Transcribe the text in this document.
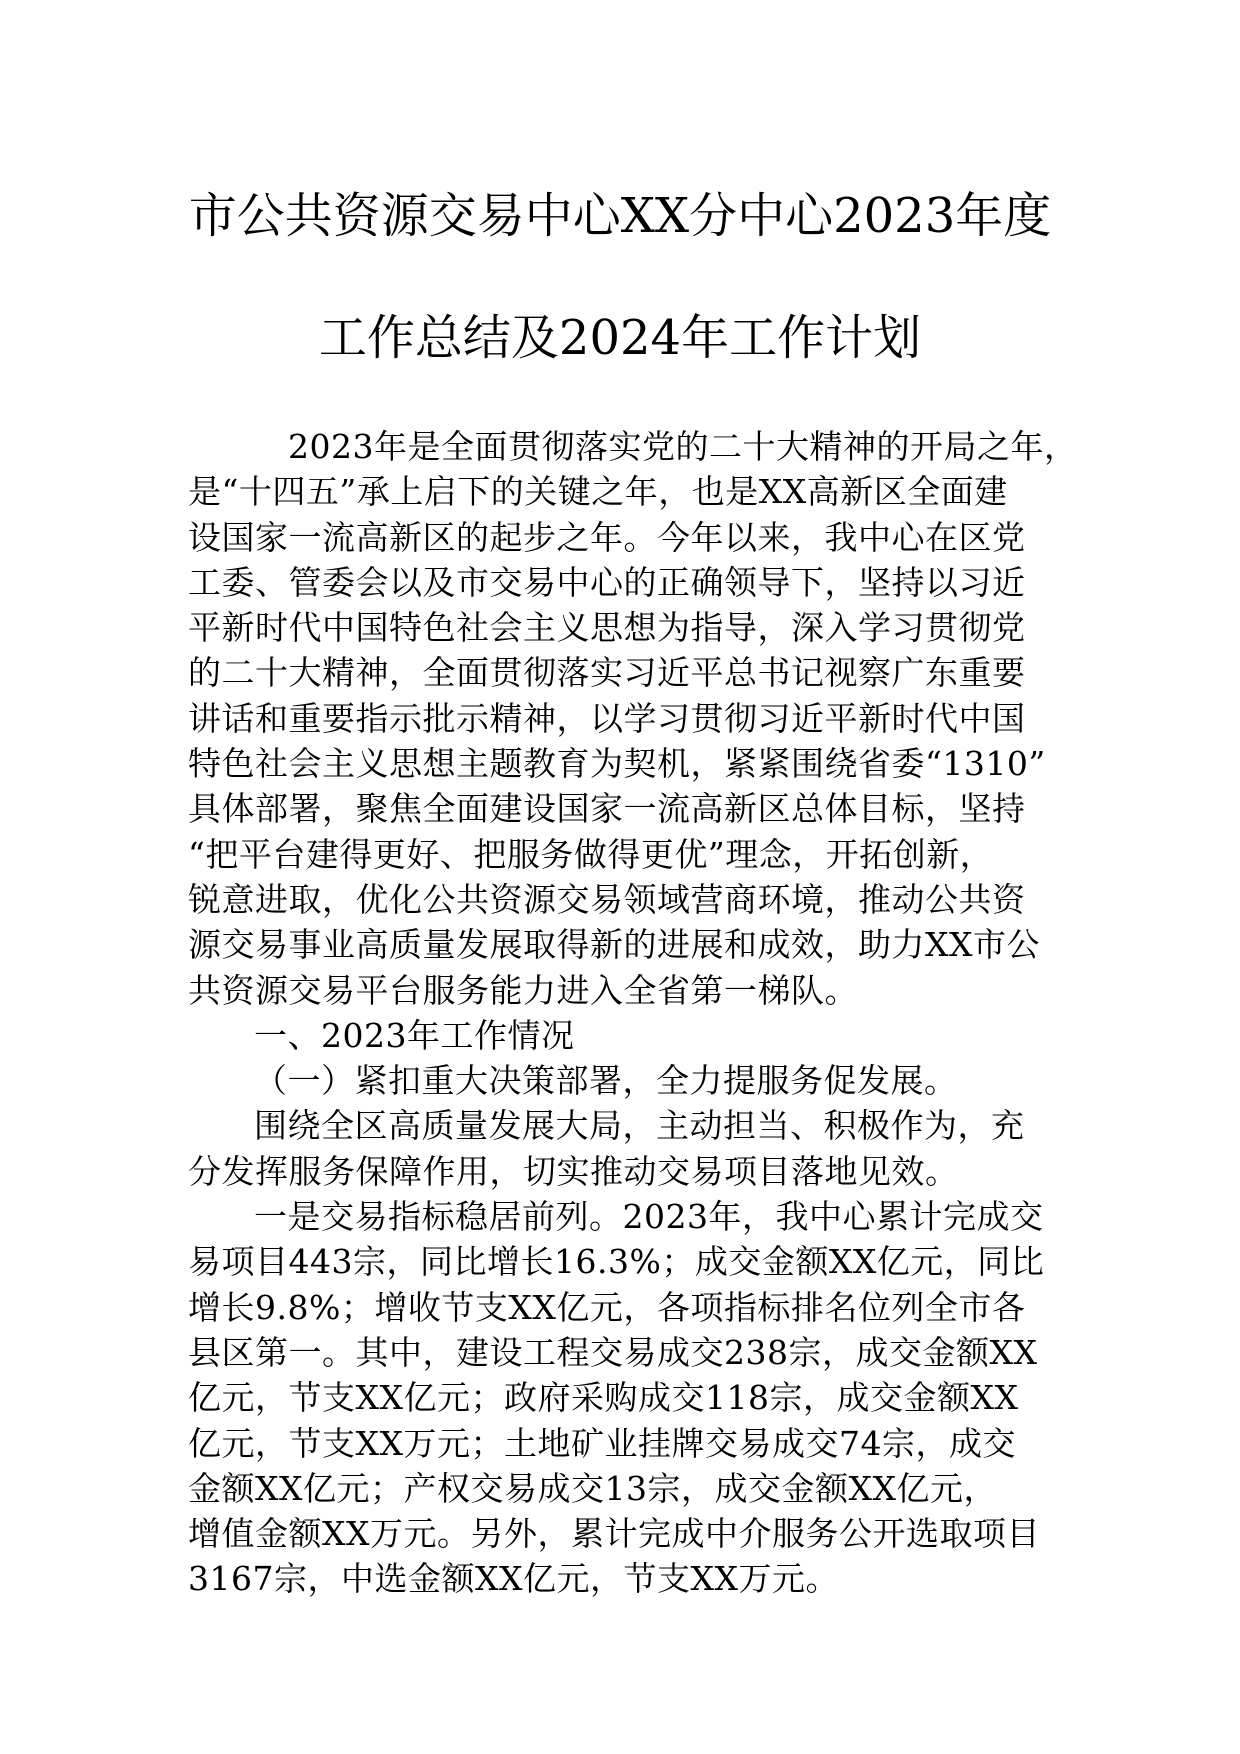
市公共资源交易中心XX分中心2023年度
工作总结及2024年工作计划
2023年是全面贯彻落实党的二十大精神的开局之年，
是“十四五”承上启下的关键之年，也是XX高新区全面建
设国家一流高新区的起步之年。今年以来，我中心在区党
工委、管委会以及市交易中心的正确领导下，坚持以习近
平新时代中国特色社会主义思想为指导，深入学习贯彻党
的二十大精神，全面贯彻落实习近平总书记视察广东重要
讲话和重要指示批示精神，以学习贯彻习近平新时代中国
特色社会主义思想主题教育为契机，紧紧围绕省委“1310”
具体部署，聚焦全面建设国家一流高新区总体目标，坚持
“把平台建得更好、把服务做得更优”理念，开拓创新，
锐意进取，优化公共资源交易领域营商环境，推动公共资
源交易事业高质量发展取得新的进展和成效，助力XX市公
共资源交易平台服务能力进入全省第一梯队。
一、2023年工作情况
（一）紧扣重大决策部署，全力提服务促发展。
围绕全区高质量发展大局，主动担当、积极作为，充
分发挥服务保障作用，切实推动交易项目落地见效。
一是交易指标稳居前列。2023年，我中心累计完成交
易项目443宗，同比增长16.3%；成交金额XX亿元，同比
增长9.8%；增收节支XX亿元，各项指标排名位列全市各
县区第一。其中，建设工程交易成交238宗，成交金额XX
亿元，节支XX亿元；政府采购成交118宗，成交金额XX
亿元，节支XX万元；土地矿业挂牌交易成交74宗，成交
金额XX亿元；产权交易成交13宗，成交金额XX亿元，
增值金额XX万元。另外，累计完成中介服务公开选取项目
3167宗，中选金额XX亿元，节支XX万元。
